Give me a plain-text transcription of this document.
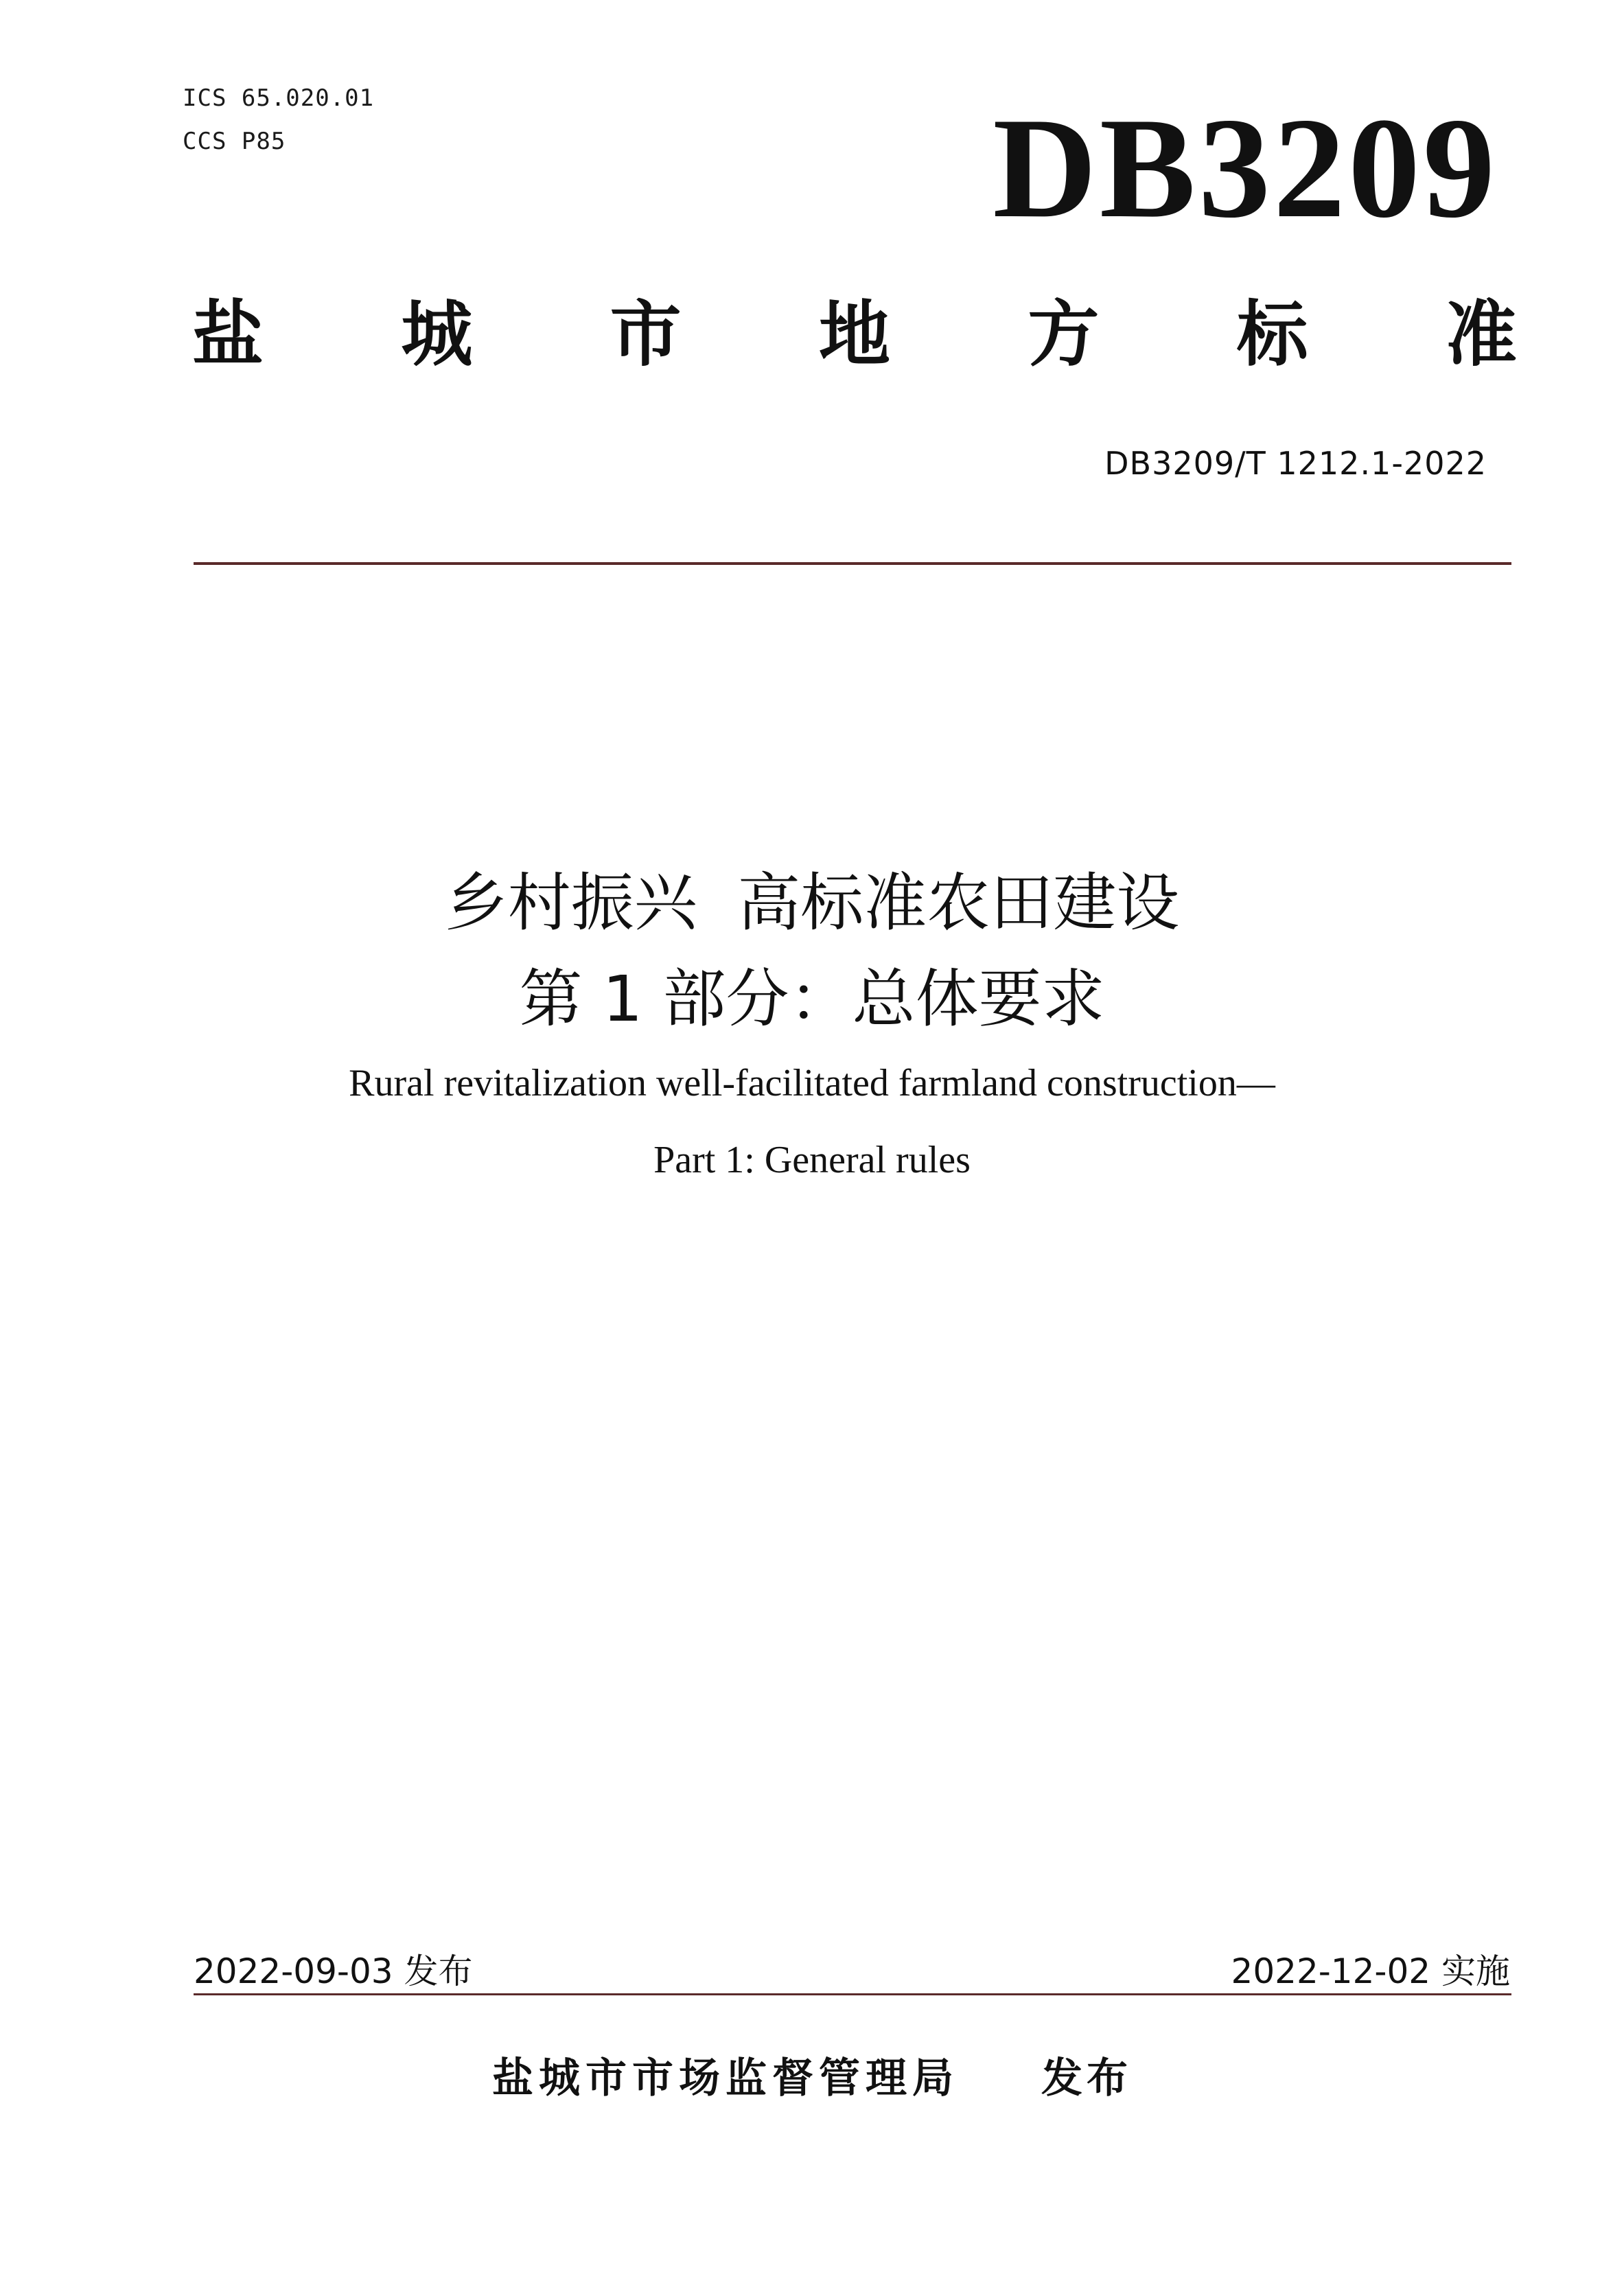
ICS 65.020.01
CCS P85	DB3209
盐 城 市 地 方 标 准
DB3209/T 1212.1-2022
乡村振兴  高标准农田建设
第 1 部分：总体要求
Rural revitalization well-facilitated farmland construction—
Part 1: General rules
2022-09-03 发布	2022-12-02 实施
盐城市市场监督管理局 发布
